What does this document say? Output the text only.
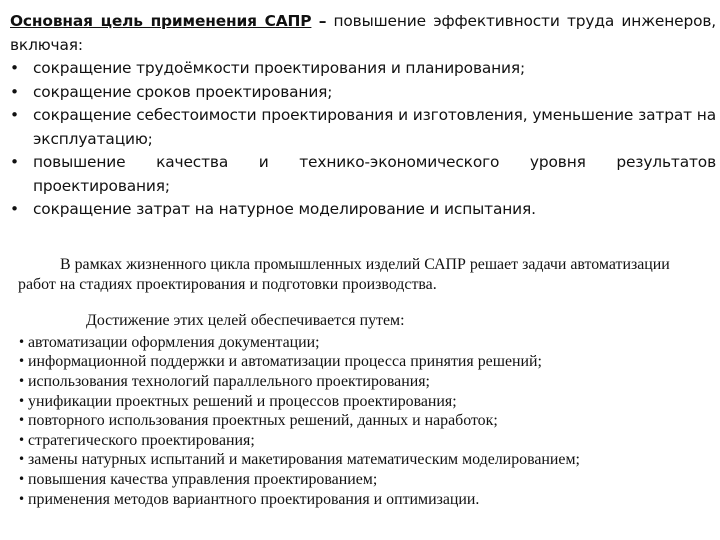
Основная цель применения САПР – повышение эффективности труда инженеров, включая:

• сокращение трудоёмкости проектирования и планирования;
• сокращение сроков проектирования;
• сокращение себестоимости проектирования и изготовления, уменьшение затрат на эксплуатацию;
• повышение качества и технико-экономического уровня результатов проектирования;
• сокращение затрат на натурное моделирование и испытания.

В рамках жизненного цикла промышленных изделий САПР решает задачи автоматизации работ на стадиях проектирования и подготовки производства.

Достижение этих целей обеспечивается путем:

• автоматизации оформления документации;
• информационной поддержки и автоматизации процесса принятия решений;
• использования технологий параллельного проектирования;
• унификации проектных решений и процессов проектирования;
• повторного использования проектных решений, данных и наработок;
• стратегического проектирования;
• замены натурных испытаний и макетирования математическим моделированием;
• повышения качества управления проектированием;
• применения методов вариантного проектирования и оптимизации.
